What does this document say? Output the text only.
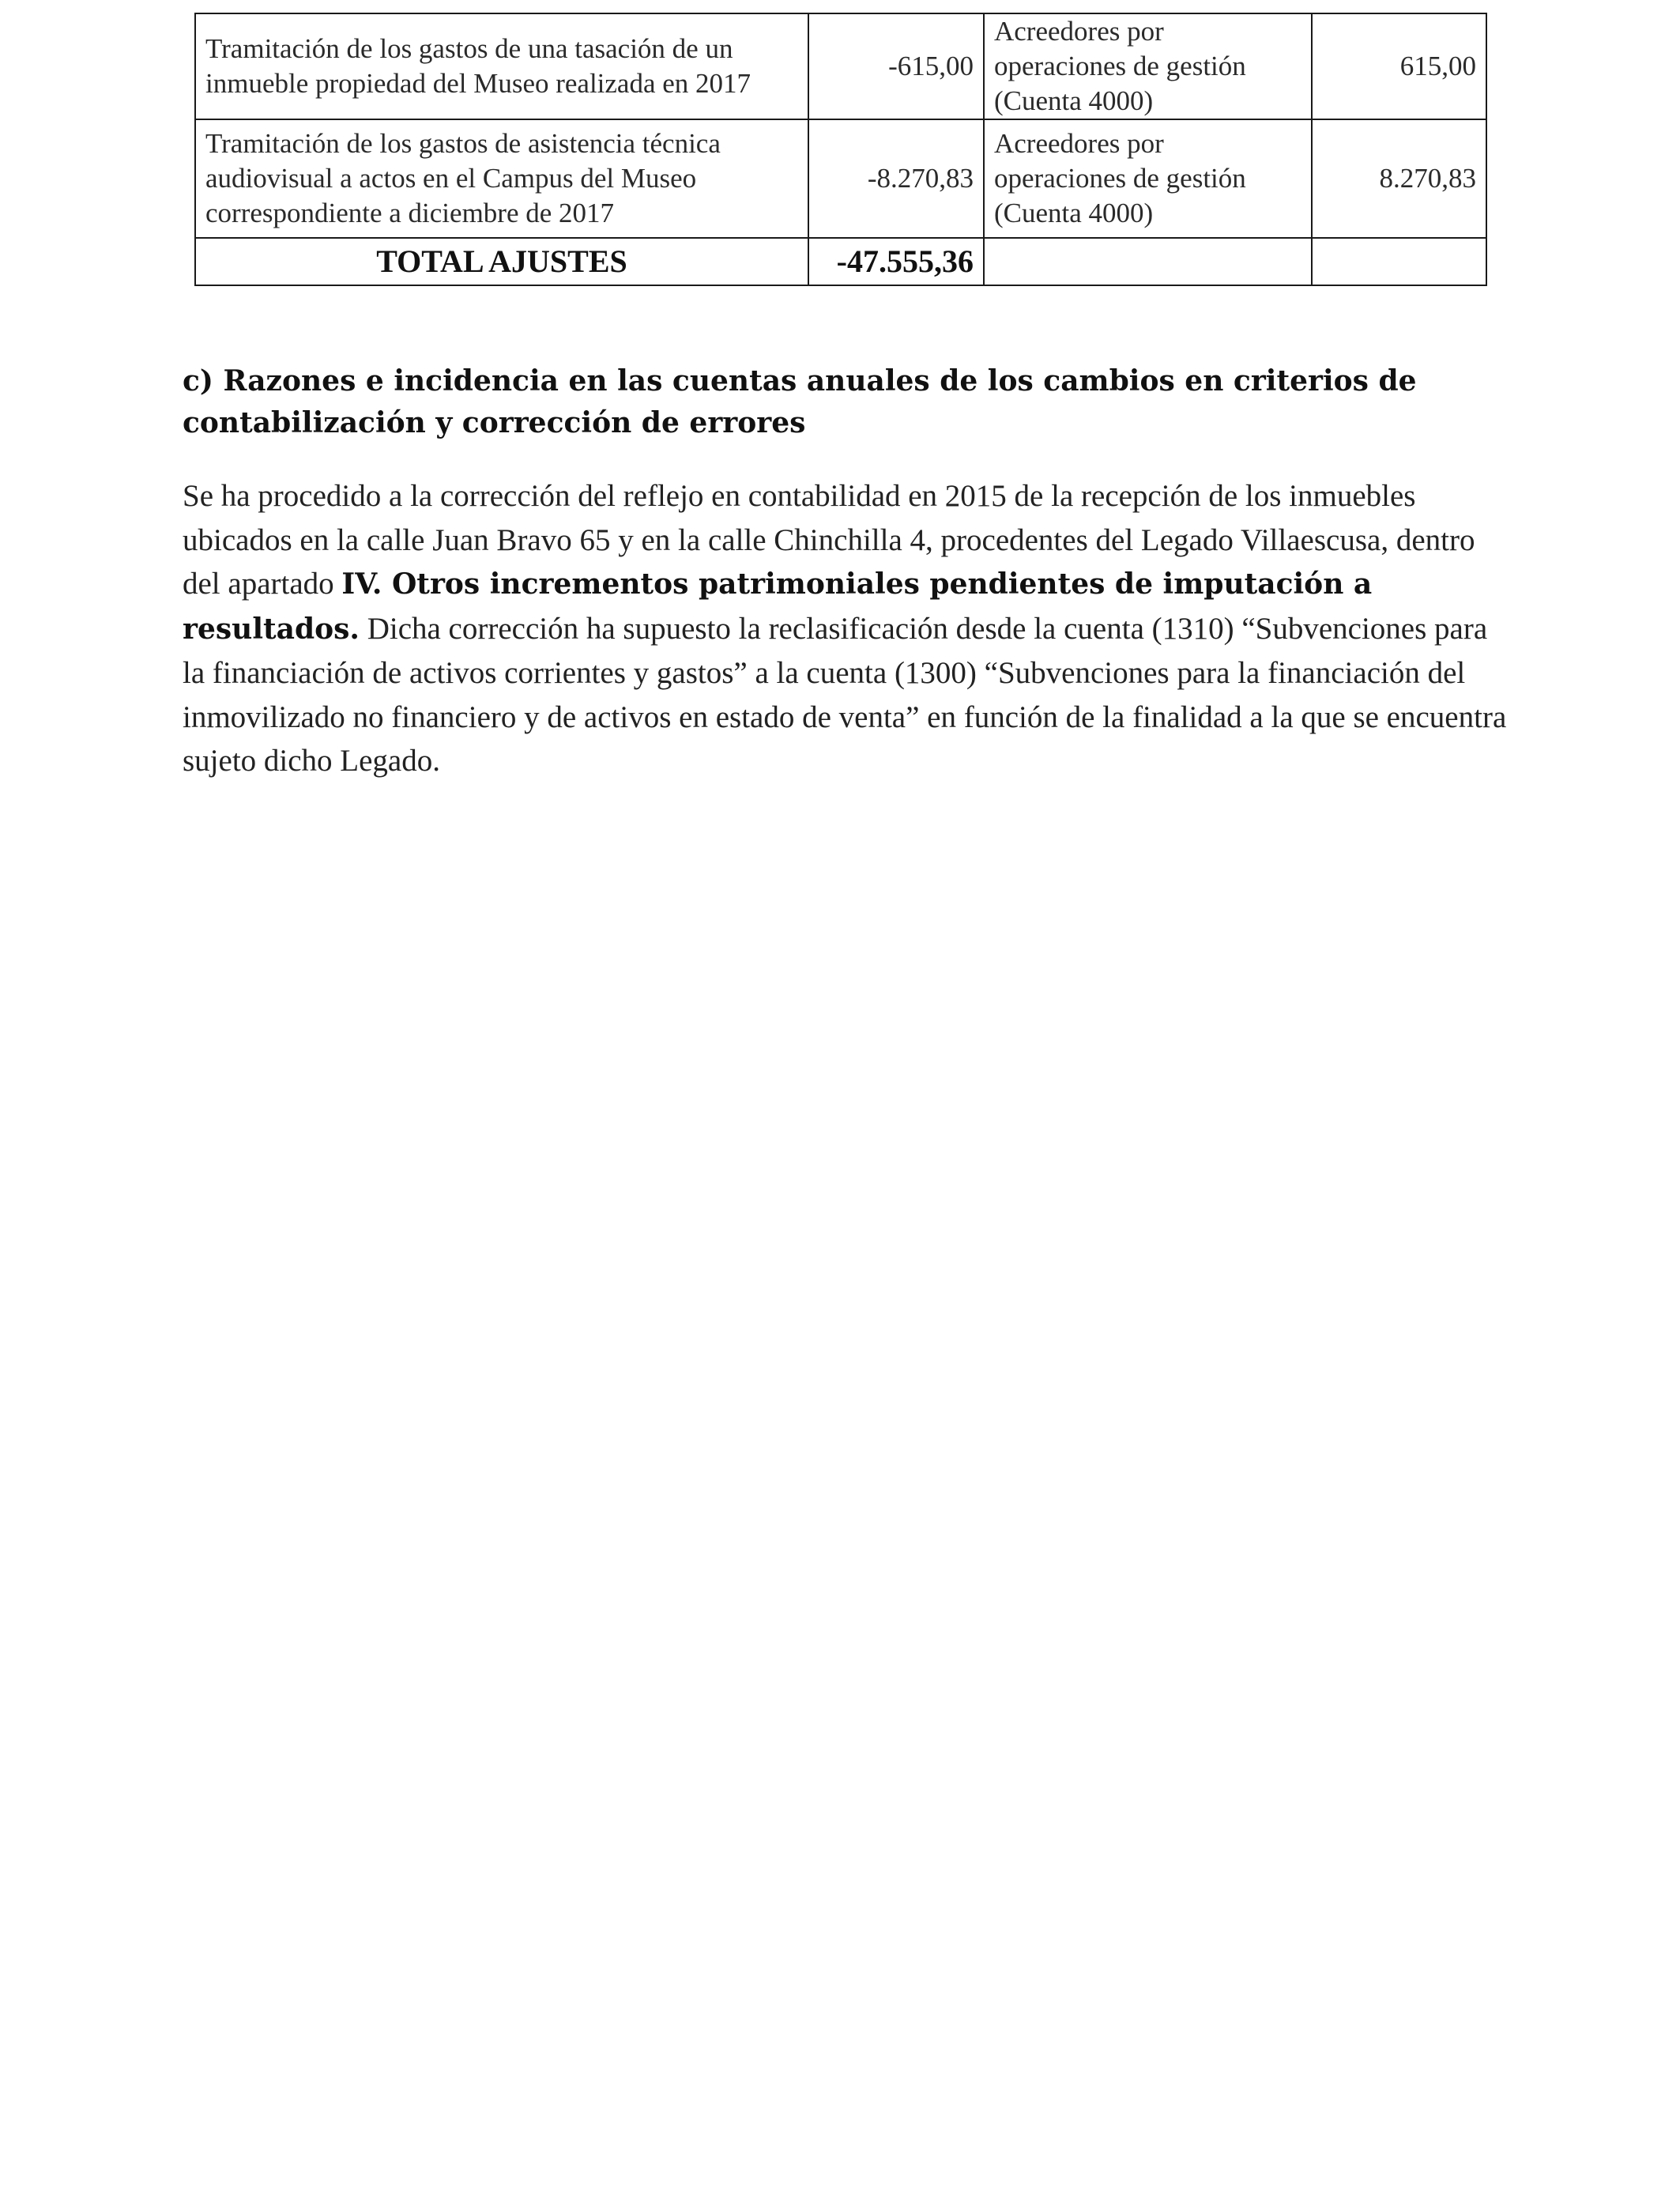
Tramitación de los gastos de una tasación de un inmueble propiedad del Museo realizada en 2017	-615,00	Acreedores por operaciones de gestión (Cuenta 4000)	615,00
Tramitación de los gastos de asistencia técnica audiovisual a actos en el Campus del Museo correspondiente a diciembre de 2017	-8.270,83	Acreedores por operaciones de gestión (Cuenta 4000)	8.270,83
TOTAL AJUSTES	-47.555,36		
c) Razones e incidencia en las cuentas anuales de los cambios en criterios de contabilización y corrección de errores

Se ha procedido a la corrección del reflejo en contabilidad en 2015 de la recepción de los inmuebles ubicados en la calle Juan Bravo 65 y en la calle Chinchilla 4, procedentes del Legado Villaescusa, dentro del apartado IV. Otros incrementos patrimoniales pendientes de imputación a resultados. Dicha corrección ha supuesto la reclasificación desde la cuenta (1310) “Subvenciones para la financiación de activos corrientes y gastos” a la cuenta (1300) “Subvenciones para la financiación del inmovilizado no financiero y de activos en estado de venta” en función de la finalidad a la que se encuentra sujeto dicho Legado.
